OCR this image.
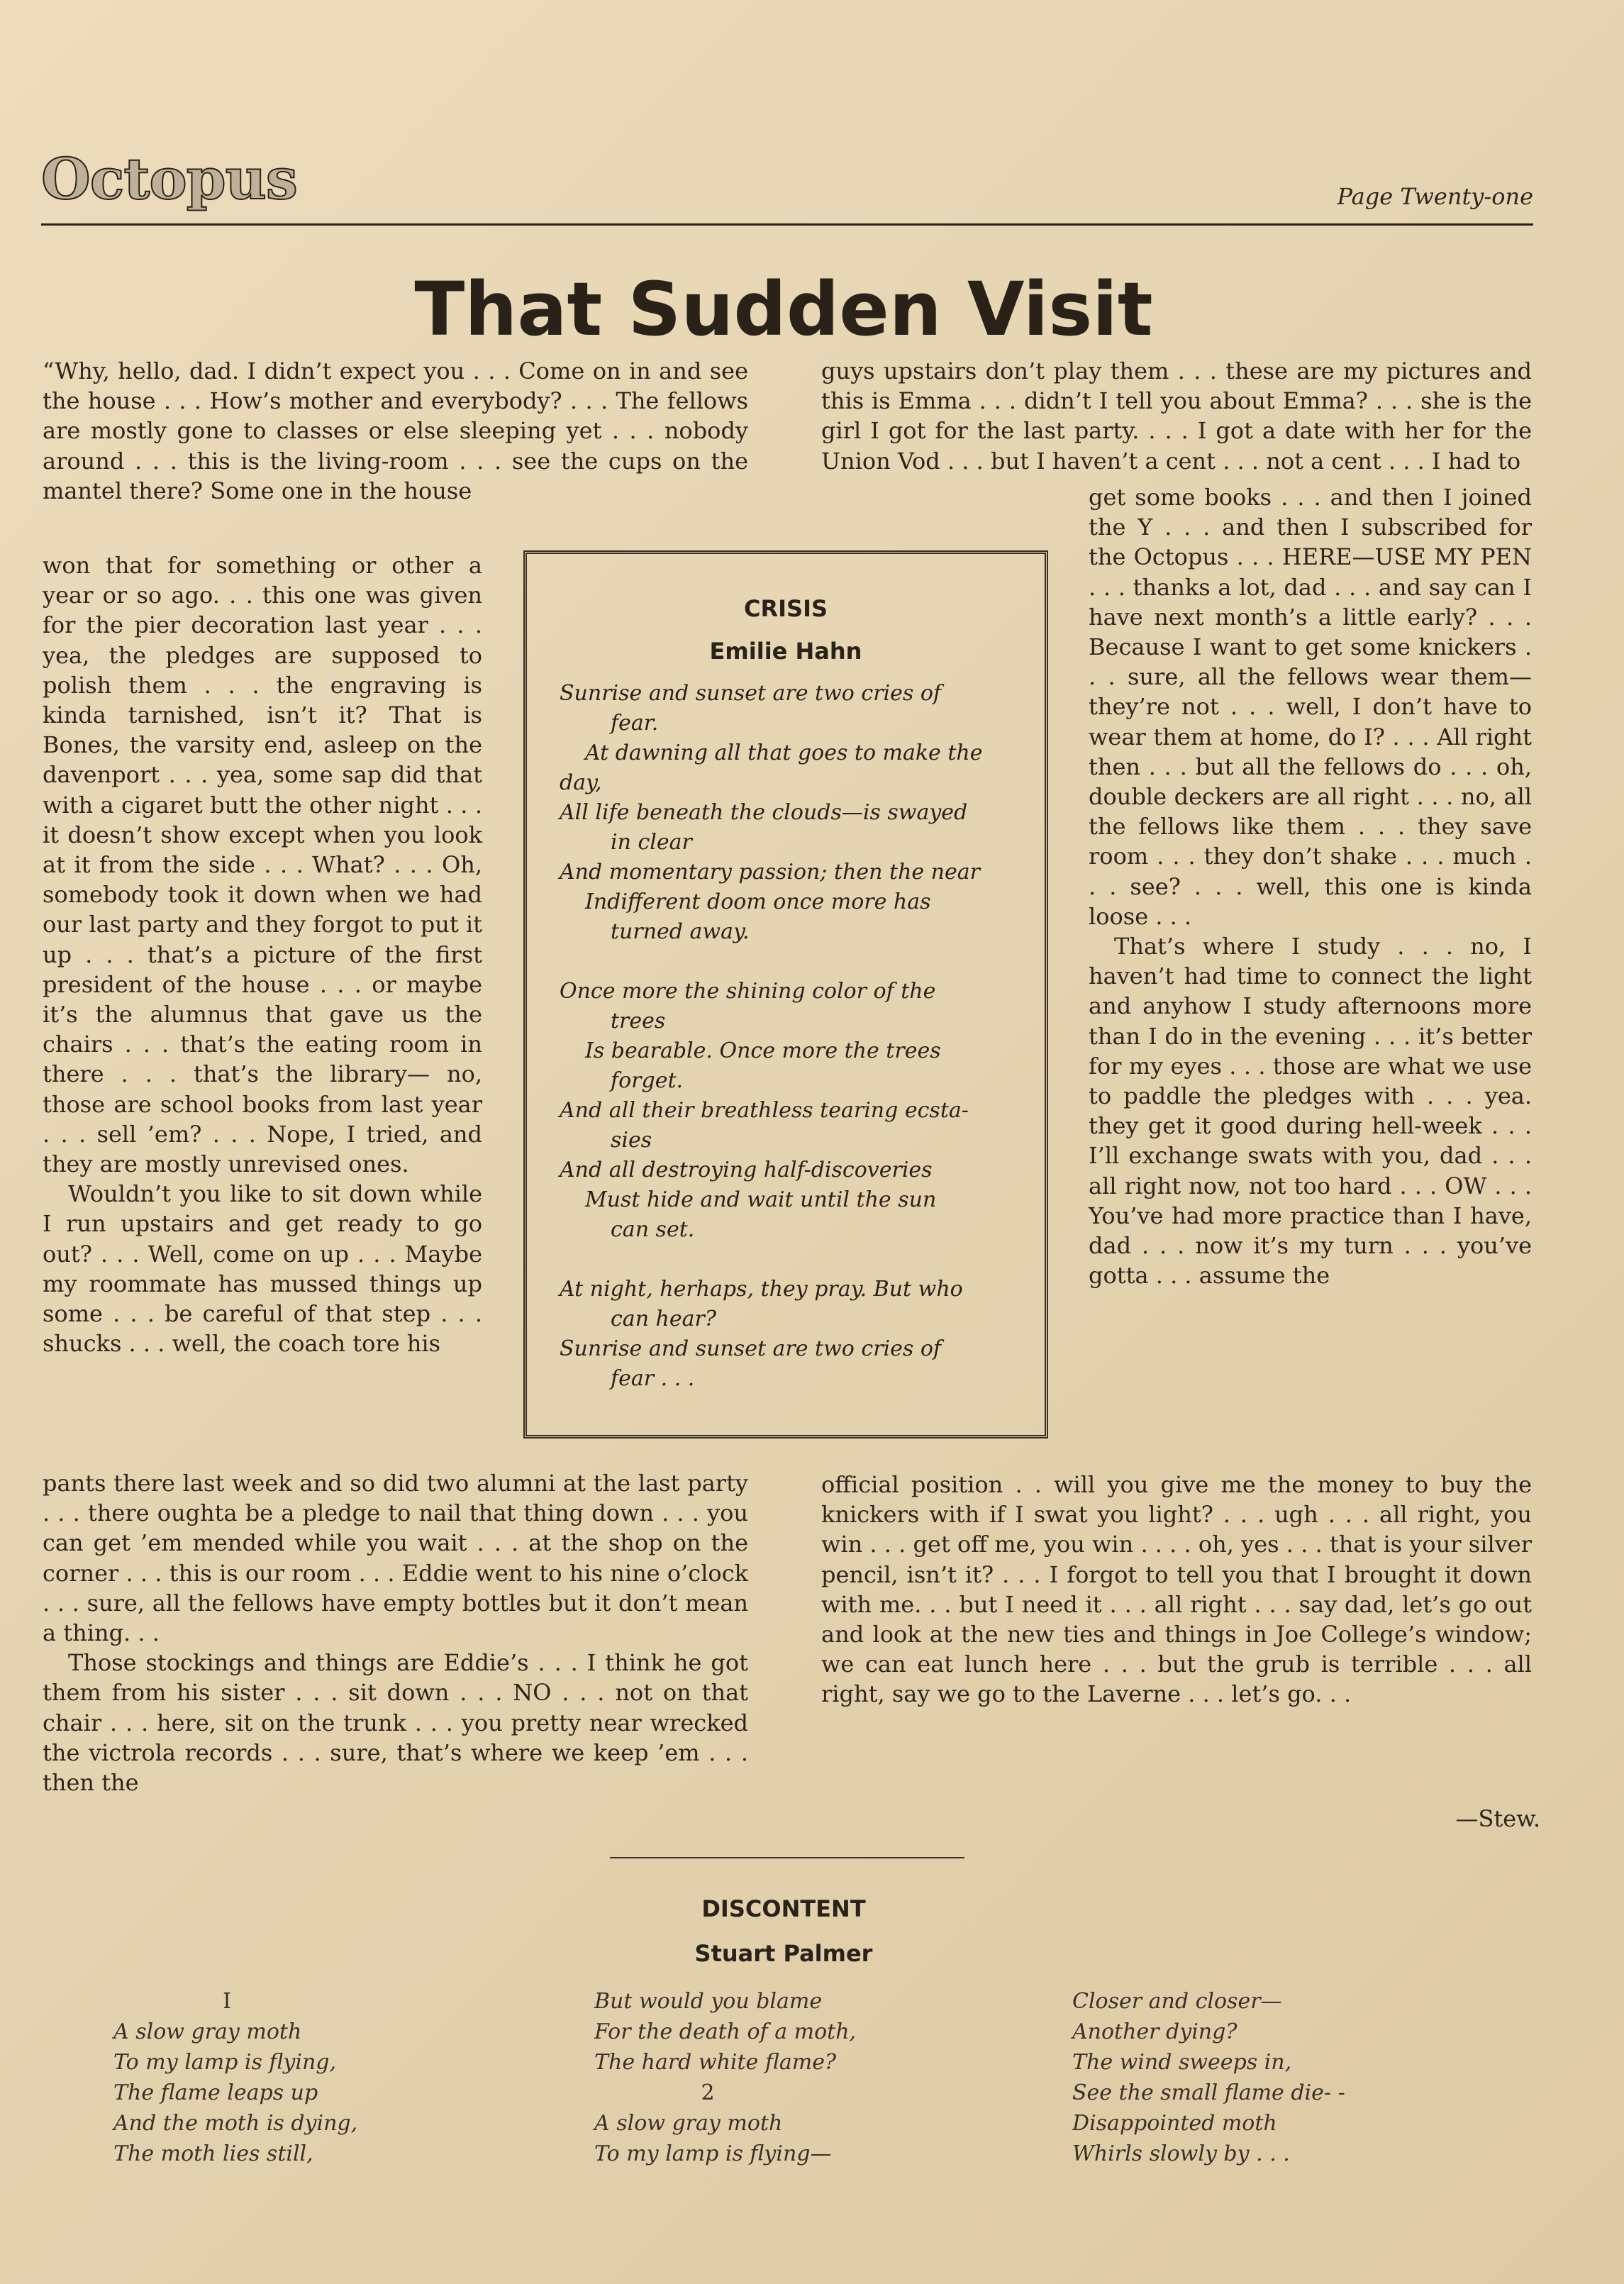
Octopus	Page Twenty-one
That Sudden Visit

“Why, hello, dad. I didn’t expect you . . . Come on in and see the house . . . How’s mother and everybody? . . . The fellows are mostly gone to classes or else sleeping yet . . . nobody around . . . this is the living-room . . . see the cups on the mantel there? Some one in the house

won that for something or other a year or so ago. . . this one was given for the pier decoration last year . . . yea, the pledges are supposed to polish them . . . the engraving is kinda tarnished, isn’t it? That is Bones, the varsity end, asleep on the davenport . . . yea, some sap did that with a cigaret butt the other night . . . it doesn’t show except when you look at it from the side . . . What? . . . Oh, somebody took it down when we had our last party and they forgot to put it up . . . that’s a picture of the first president of the house . . . or maybe it’s the alumnus that gave us the chairs . . . that’s the eating room in there . . . that’s the library— no, those are school books from last year . . . sell ’em? . . . Nope, I tried, and they are mostly unrevised ones.

Wouldn’t you like to sit down while I run upstairs and get ready to go out? . . . Well, come on up . . . Maybe my roommate has mussed things up some . . . be careful of that step . . . shucks . . . well, the coach tore his

pants there last week and so did two alumni at the last party . . . there oughta be a pledge to nail that thing down . . . you can get ’em mended while you wait . . . at the shop on the corner . . . this is our room . . . Eddie went to his nine o’clock . . . sure, all the fellows have empty bottles but it don’t mean a thing. . .

Those stockings and things are Eddie’s . . . I think he got them from his sister . . . sit down . . . NO . . . not on that chair . . . here, sit on the trunk . . . you pretty near wrecked the victrola records . . . sure, that’s where we keep ’em . . . then the

guys upstairs don’t play them . . . these are my pictures and this is Emma . . . didn’t I tell you about Emma? . . . she is the girl I got for the last party. . . . I got a date with her for the Union Vod . . . but I haven’t a cent . . . not a cent . . . I had to

get some books . . . and then I joined the Y . . . and then I subscribed for the Octopus . . . HERE—USE MY PEN . . . thanks a lot, dad . . . and say can I have next month’s a little early? . . . Because I want to get some knickers . . . sure, all the fellows wear them—they’re not . . . well, I don’t have to wear them at home, do I? . . . All right then . . . but all the fellows do . . . oh, double deckers are all right . . . no, all the fellows like them . . . they save room . . . they don’t shake . . . much . . . see? . . . well, this one is kinda loose . . .

That’s where I study . . . no, I haven’t had time to connect the light and anyhow I study afternoons more than I do in the evening . . . it’s better for my eyes . . . those are what we use to paddle the pledges with . . . yea. they get it good during hell-week . . . I’ll exchange swats with you, dad . . . all right now, not too hard . . . OW . . . You’ve had more practice than I have, dad . . . now it’s my turn . . . you’ve gotta . . . assume the

official position . . will you give me the money to buy the knickers with if I swat you light? . . . ugh . . . all right, you win . . . get off me, you win . . . . oh, yes . . . that is your silver pencil, isn’t it? . . . I forgot to tell you that I brought it down with me. . . but I need it . . . all right . . . say dad, let’s go out and look at the new ties and things in Joe College’s window; we can eat lunch here . . . but the grub is terrible . . . all right, say we go to the Laverne . . . let’s go. . .

—Stew.
CRISIS
Emilie Hahn
Sunrise and sunset are two cries of
fear.
At dawning all that goes to make the
day,
All life beneath the clouds—is swayed
in clear
And momentary passion; then the near
Indifferent doom once more has
turned away.
Once more the shining color of the
trees
Is bearable. Once more the trees
forget.
And all their breathless tearing ecsta-
sies
And all destroying half-discoveries
Must hide and wait until the sun
can set.
At night, herhaps, they pray. But who
can hear?
Sunrise and sunset are two cries of
fear . . .
DISCONTENT
Stuart Palmer
I
A slow gray moth
To my lamp is flying,
The flame leaps up
And the moth is dying,
The moth lies still,
But would you blame
For the death of a moth,
The hard white flame?
2
A slow gray moth
To my lamp is flying—
Closer and closer—
Another dying?
The wind sweeps in,
See the small flame die- -
Disappointed moth
Whirls slowly by . . .
